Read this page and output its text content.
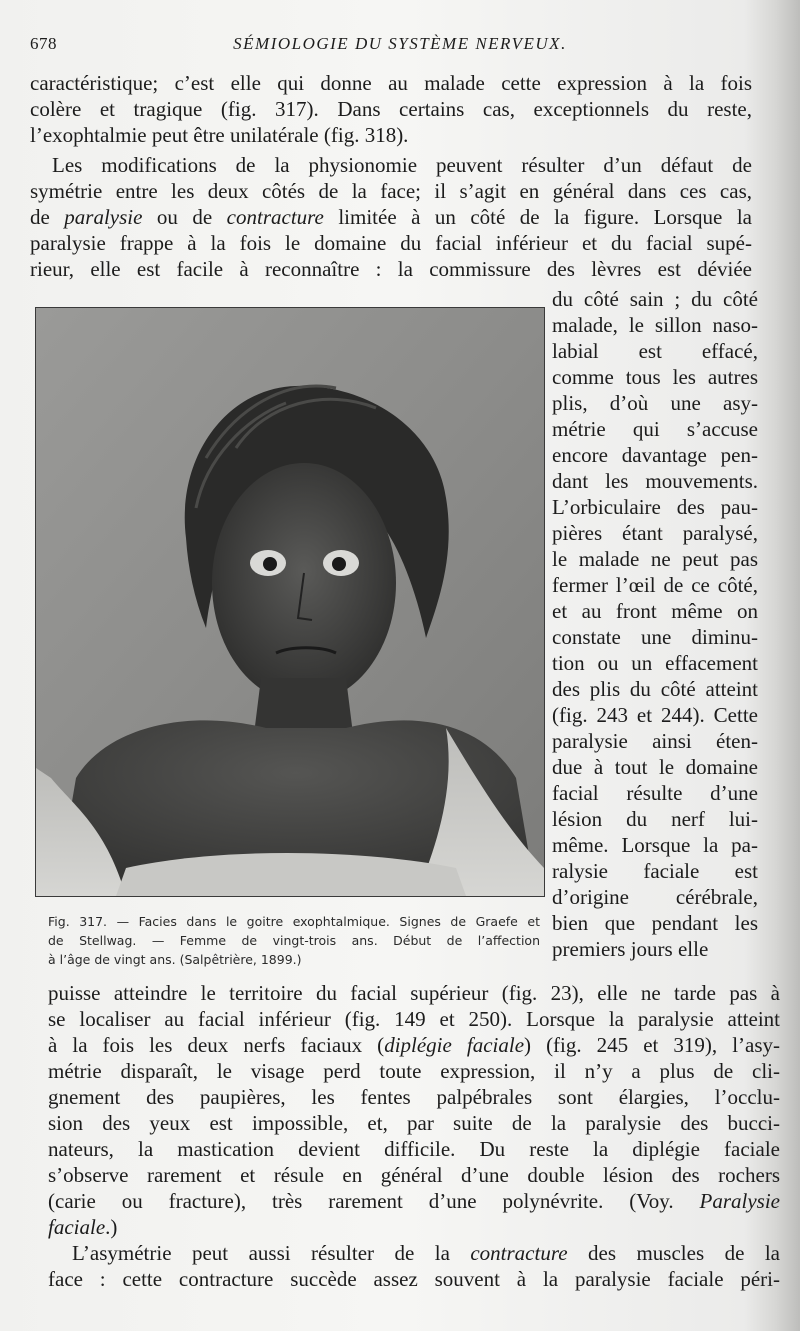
678	SÉMIOLOGIE DU SYSTÈME NERVEUX.
caractéristique; c’est elle qui donne au malade cette expression à la fois
colère et tragique (fig. 317). Dans certains cas, exceptionnels du reste,
l’exophtalmie peut être unilatérale (fig. 318).
Les modifications de la physionomie peuvent résulter d’un défaut de
symétrie entre les deux côtés de la face; il s’agit en général dans ces cas,
de paralysie ou de contracture limitée à un côté de la figure. Lorsque la
paralysie frappe à la fois le domaine du facial inférieur et du facial supé-
rieur, elle est facile à reconnaître : la commissure des lèvres est déviée
Fig. 317. — Facies dans le goitre exophtalmique. Signes de Graefe et
de Stellwag. — Femme de vingt-trois ans. Début de l’affection
à l’âge de vingt ans. (Salpêtrière, 1899.)
du côté sain ; du côté
malade, le sillon naso-
labial est effacé,
comme tous les autres
plis, d’où une asy-
métrie qui s’accuse
encore davantage pen-
dant les mouvements.
L’orbiculaire des pau-
pières étant paralysé,
le malade ne peut pas
fermer l’œil de ce côté,
et au front même on
constate une diminu-
tion ou un effacement
des plis du côté atteint
(fig. 243 et 244). Cette
paralysie ainsi éten-
due à tout le domaine
facial résulte d’une
lésion du nerf lui-
même. Lorsque la pa-
ralysie faciale est
d’origine cérébrale,
bien que pendant les
premiers jours elle
puisse atteindre le territoire du facial supérieur (fig. 23), elle ne tarde pas à
se localiser au facial inférieur (fig. 149 et 250). Lorsque la paralysie atteint
à la fois les deux nerfs faciaux (diplégie faciale) (fig. 245 et 319), l’asy-
métrie disparaît, le visage perd toute expression, il n’y a plus de cli-
gnement des paupières, les fentes palpébrales sont élargies, l’occlu-
sion des yeux est impossible, et, par suite de la paralysie des bucci-
nateurs, la mastication devient difficile. Du reste la diplégie faciale
s’observe rarement et résule en général d’une double lésion des rochers
(carie ou fracture), très rarement d’une polynévrite. (Voy. Paralysie
faciale.)
L’asymétrie peut aussi résulter de la contracture des muscles de la
face : cette contracture succède assez souvent à la paralysie faciale péri-
